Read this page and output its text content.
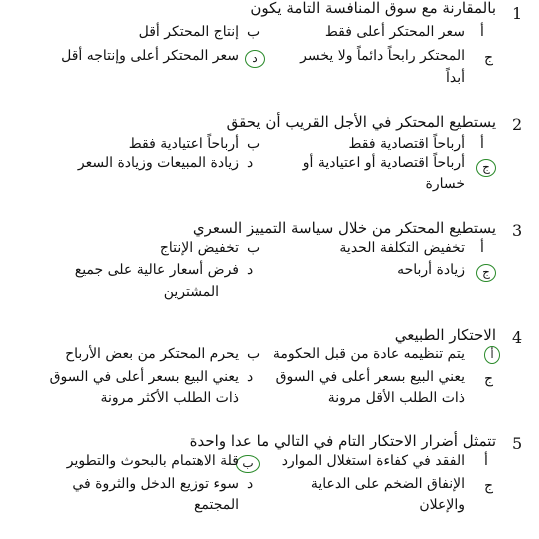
1
بالمقارنة مع سوق المنافسة التامة يكون
أ
سعر المحتكر أعلى فقط
ب
إنتاج المحتكر أقل
ج
المحتكر رابحاً دائماً ولا يخسر
أبداً
د
سعر المحتكر أعلى وإنتاجه أقل
2
يستطيع المحتكر في الأجل القريب أن يحقق
أ
أرباحاً اقتصادية فقط
ب
أرباحاً اعتيادية فقط
ج
أرباحاً اقتصادية أو اعتيادية أو
خسارة
د
زيادة المبيعات وزيادة السعر
3
يستطيع المحتكر من خلال سياسة التمييز السعري
أ
تخفيض التكلفة الحدية
ب
تخفيض الإنتاج
ج
زيادة أرباحه
د
فرض أسعار عالية على جميع
المشترين
4
الاحتكار الطبيعي
أ
يتم تنظيمه عادة من قبل الحكومة
ب
يحرم المحتكر من بعض الأرباح
ج
يعني البيع بسعر أعلى في السوق
ذات الطلب الأقل مرونة
د
يعني البيع بسعر أعلى في السوق
ذات الطلب الأكثر مرونة
5
تتمثل أضرار الاحتكار التام في التالي ما عدا واحدة
أ
الفقد في كفاءة استغلال الموارد
ب
قلة الاهتمام بالبحوث والتطوير
ج
الإنفاق الضخم على الدعاية
والإعلان
د
سوء توزيع الدخل والثروة في
المجتمع
